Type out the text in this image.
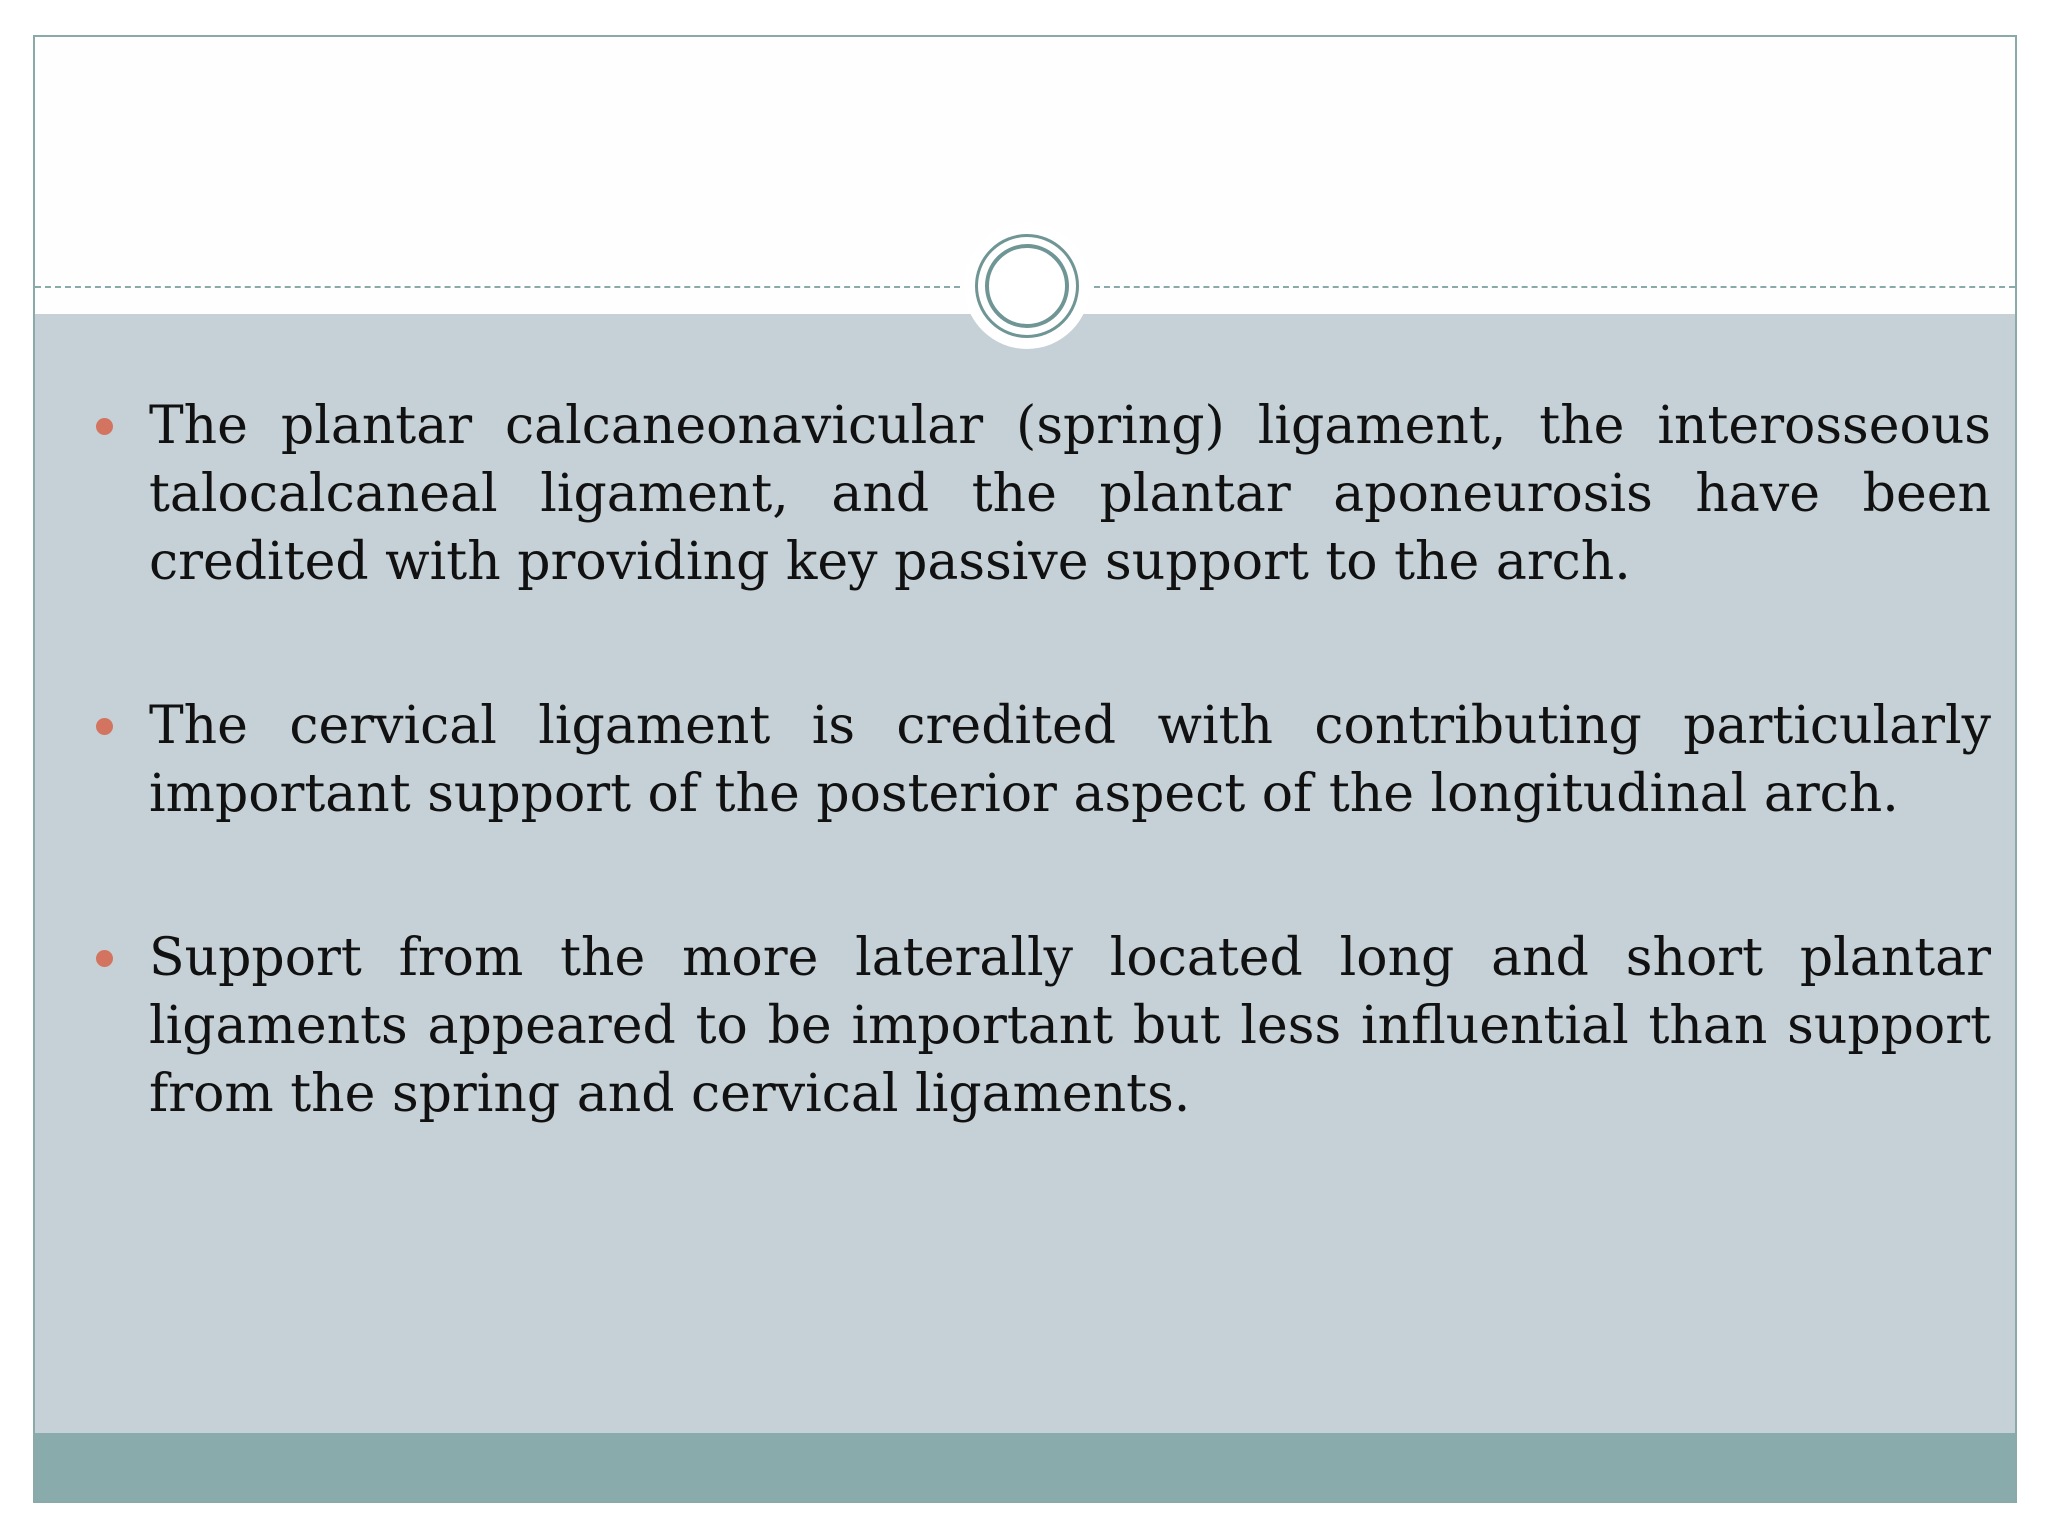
The plantar calcaneonavicular (spring) ligament, the interosseous talocalcaneal ligament, and the plantar aponeurosis have been credited with providing key passive support to the arch.
The cervical ligament is credited with contributing particularly important support of the posterior aspect of the longitudinal arch.
Support from the more laterally located long and short plantar ligaments appeared to be important but less influential than support from the spring and cervical ligaments.
